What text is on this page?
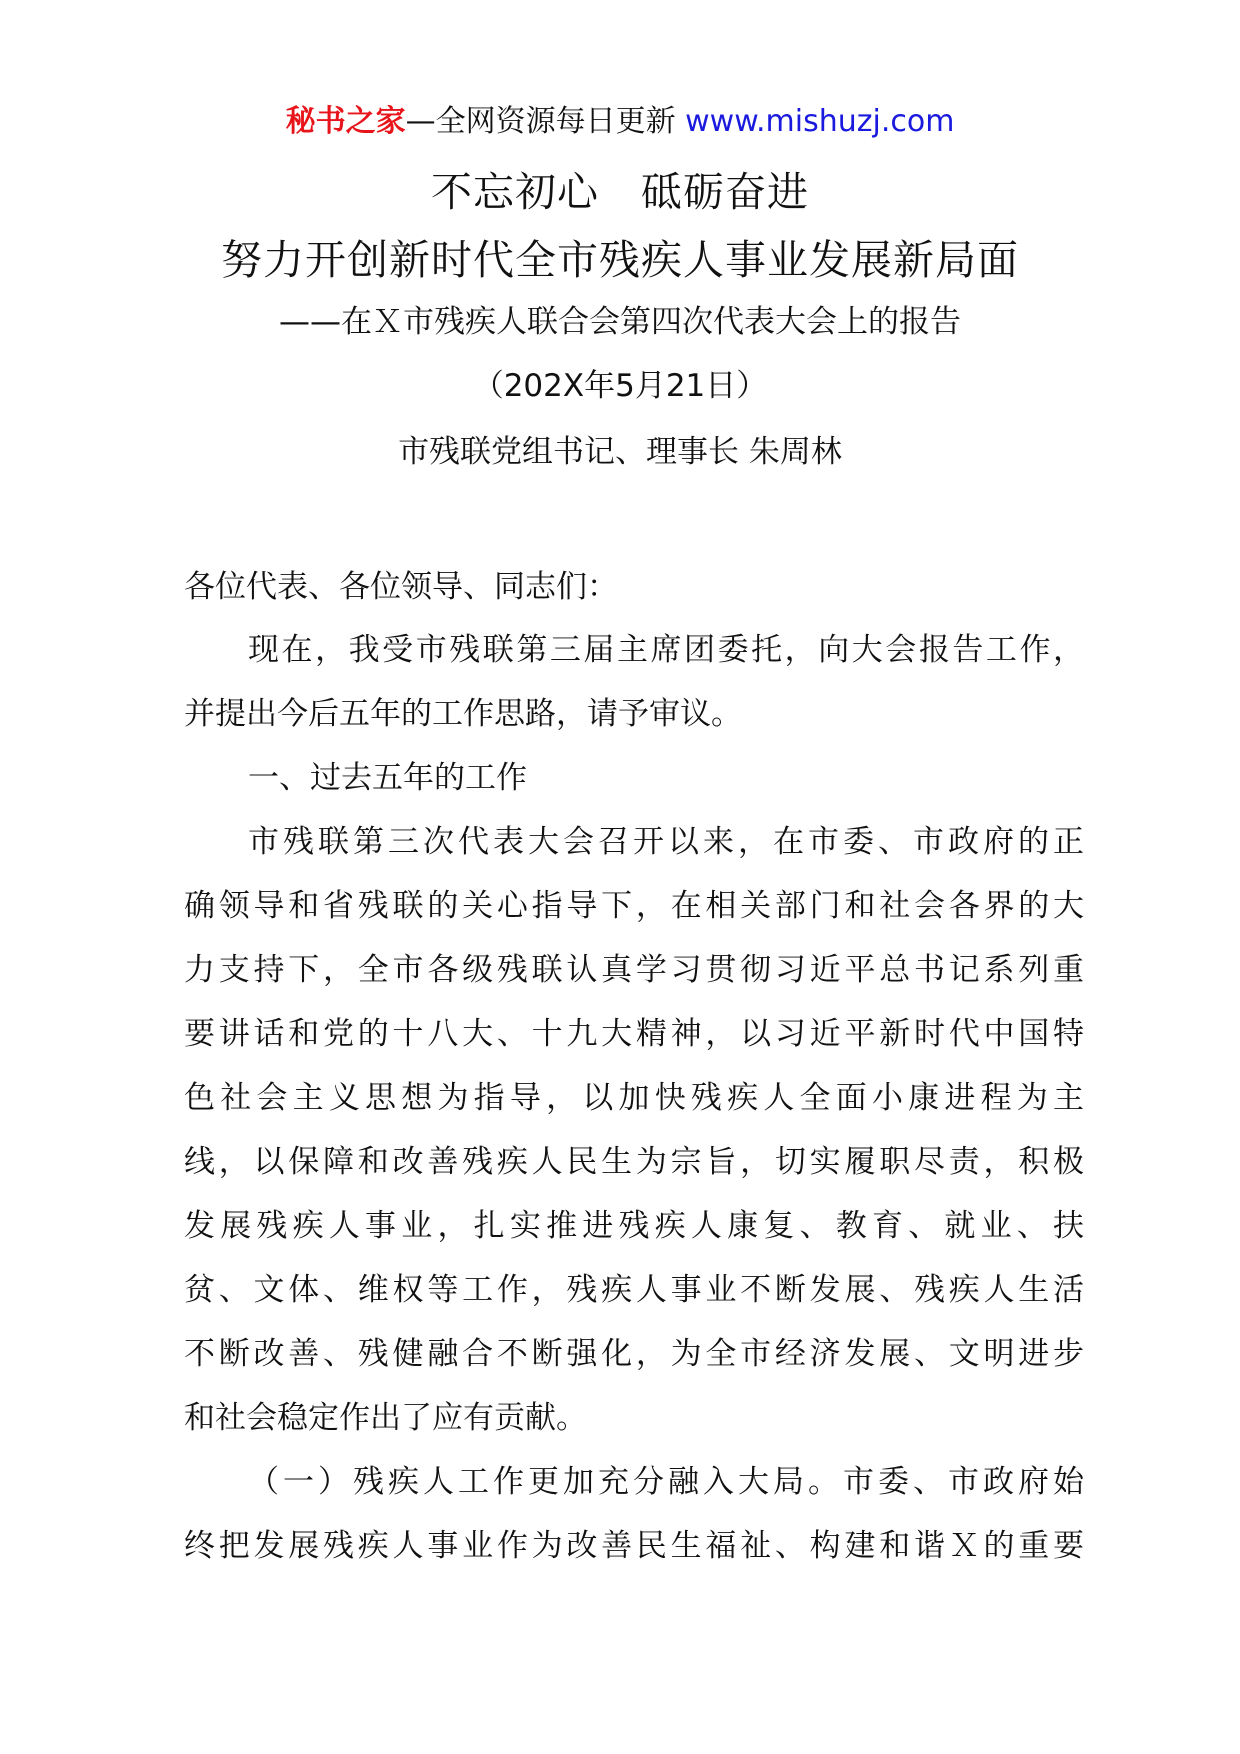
秘书之家—全网资源每日更新 www.mishuzj.com
不忘初心　砥砺奋进
努力开创新时代全市残疾人事业发展新局面
——在Ｘ市残疾人联合会第四次代表大会上的报告
（202X年5月21日）
市残联党组书记、理事长 朱周林
各位代表、各位领导、同志们：
现在，我受市残联第三届主席团委托，向大会报告工作，
并提出今后五年的工作思路，请予审议。
一、过去五年的工作
市残联第三次代表大会召开以来，在市委、市政府的正
确领导和省残联的关心指导下，在相关部门和社会各界的大
力支持下，全市各级残联认真学习贯彻习近平总书记系列重
要讲话和党的十八大、十九大精神，以习近平新时代中国特
色社会主义思想为指导，以加快残疾人全面小康进程为主
线，以保障和改善残疾人民生为宗旨，切实履职尽责，积极
发展残疾人事业，扎实推进残疾人康复、教育、就业、扶
贫、文体、维权等工作，残疾人事业不断发展、残疾人生活
不断改善、残健融合不断强化，为全市经济发展、文明进步
和社会稳定作出了应有贡献。
（一）残疾人工作更加充分融入大局。市委、市政府始
终把发展残疾人事业作为改善民生福祉、构建和谐Ｘ的重要
